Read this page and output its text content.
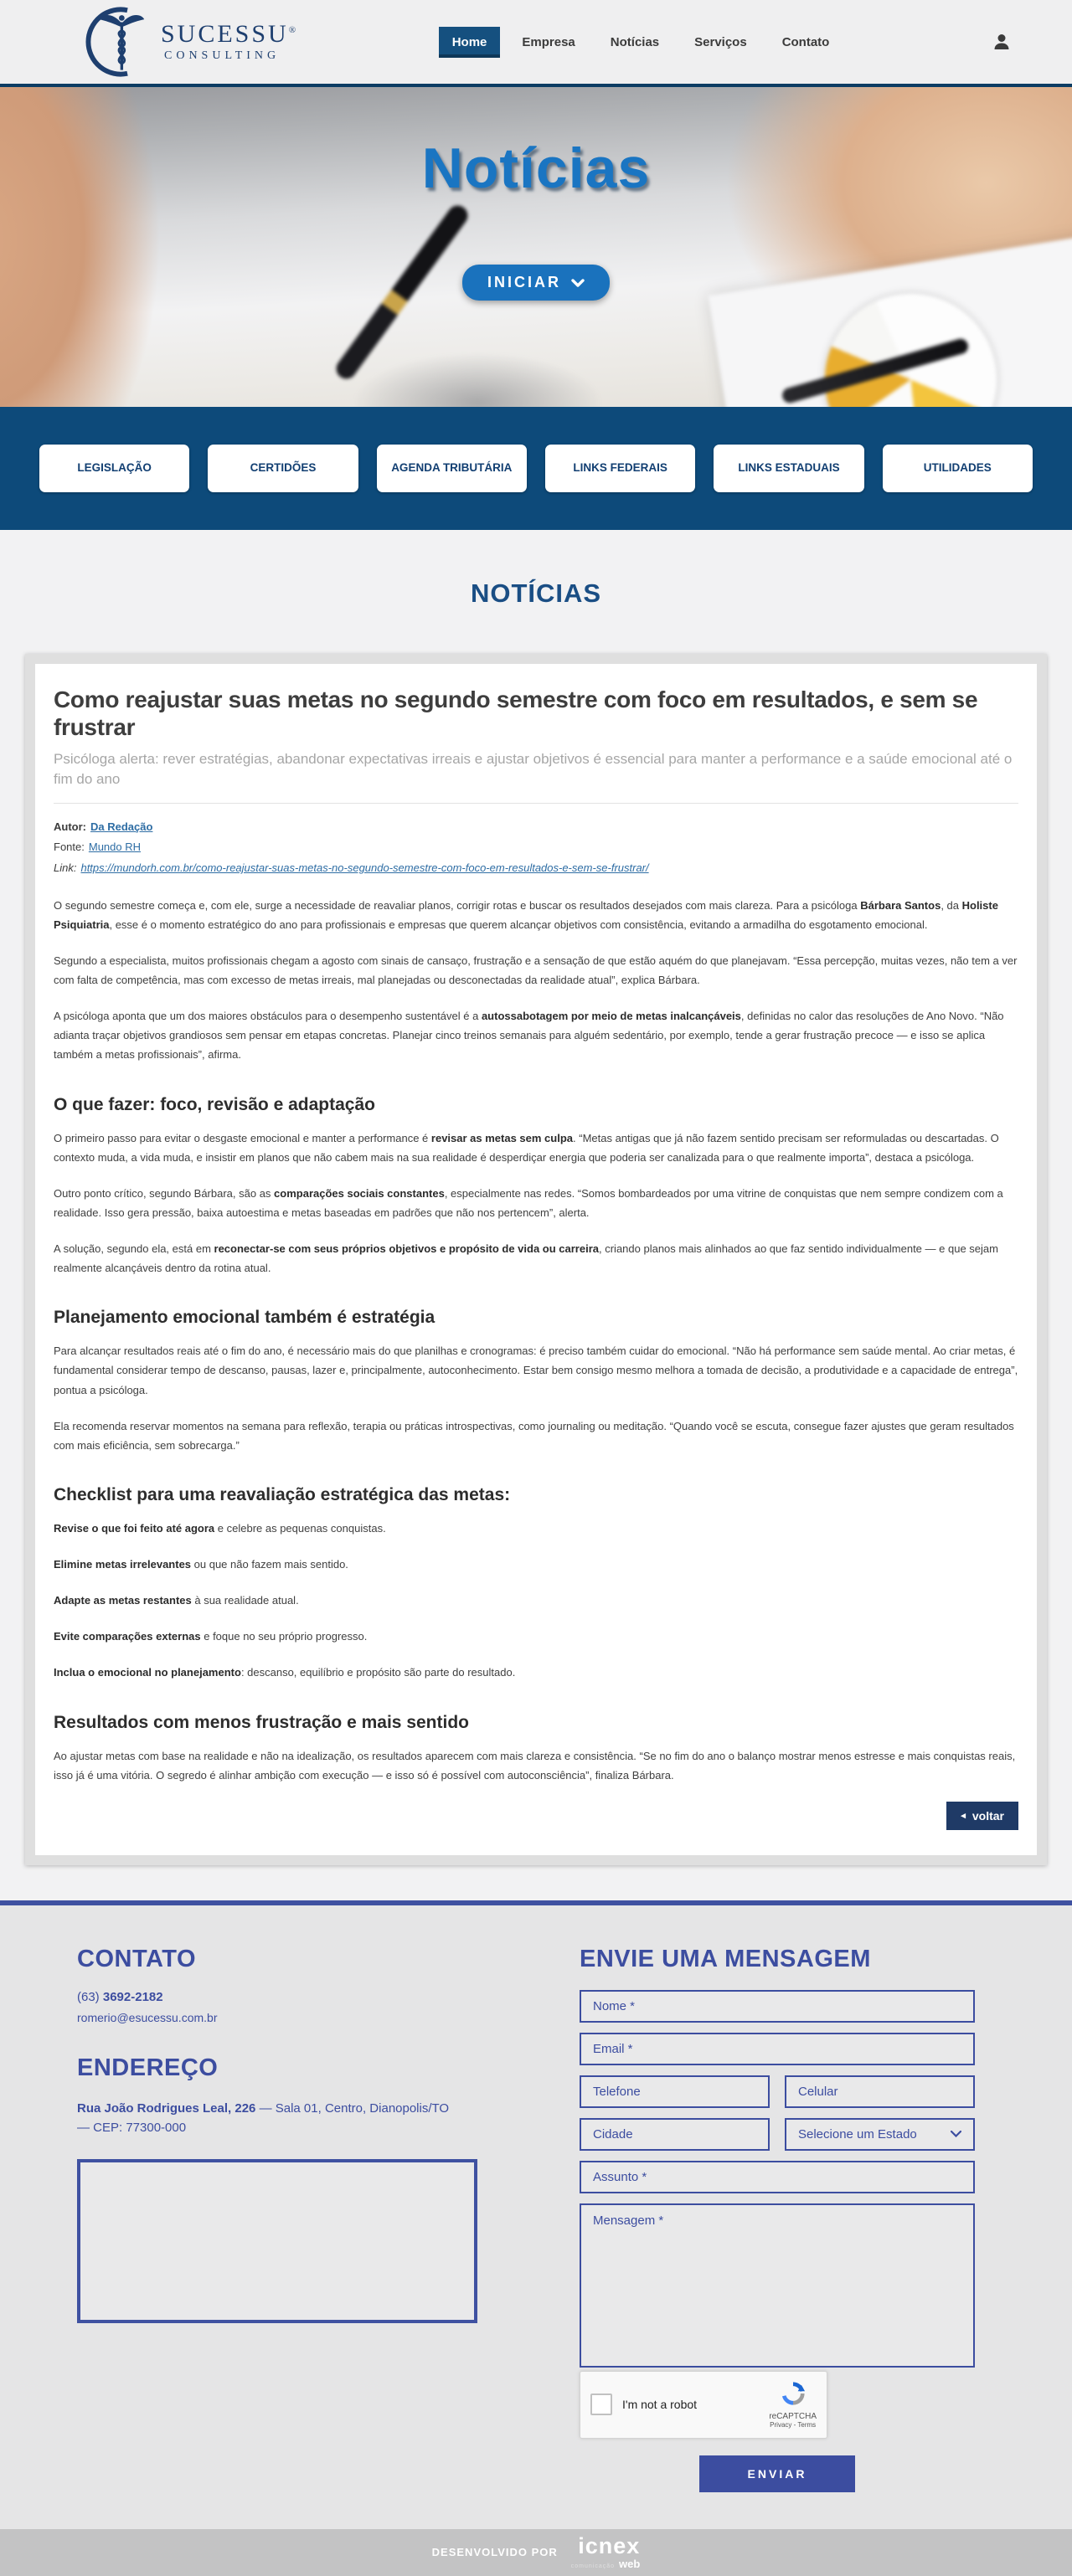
SUCESSU®
CONSULTING
Home	Empresa	Notícias	Serviços	Contato
Notícias
INICIAR
LEGISLAÇÃO	CERTIDÕES	AGENDA TRIBUTÁRIA	LINKS FEDERAIS	LINKS ESTADUAIS	UTILIDADES
NOTÍCIAS
Como reajustar suas metas no segundo semestre com foco em resultados, e sem se frustrar

Psicóloga alerta: rever estratégias, abandonar expectativas irreais e ajustar objetivos é essencial para manter a performance e a saúde emocional até o fim do ano

Autor: Da Redação
Fonte: Mundo RH
Link: https://mundorh.com.br/como-reajustar-suas-metas-no-segundo-semestre-com-foco-em-resultados-e-sem-se-frustrar/

O segundo semestre começa e, com ele, surge a necessidade de reavaliar planos, corrigir rotas e buscar os resultados desejados com mais clareza. Para a psicóloga Bárbara Santos, da Holiste Psiquiatria, esse é o momento estratégico do ano para profissionais e empresas que querem alcançar objetivos com consistência, evitando a armadilha do esgotamento emocional.

Segundo a especialista, muitos profissionais chegam a agosto com sinais de cansaço, frustração e a sensação de que estão aquém do que planejavam. “Essa percepção, muitas vezes, não tem a ver com falta de competência, mas com excesso de metas irreais, mal planejadas ou desconectadas da realidade atual”, explica Bárbara.

A psicóloga aponta que um dos maiores obstáculos para o desempenho sustentável é a autossabotagem por meio de metas inalcançáveis, definidas no calor das resoluções de Ano Novo. “Não adianta traçar objetivos grandiosos sem pensar em etapas concretas. Planejar cinco treinos semanais para alguém sedentário, por exemplo, tende a gerar frustração precoce — e isso se aplica também a metas profissionais”, afirma.

O que fazer: foco, revisão e adaptação

O primeiro passo para evitar o desgaste emocional e manter a performance é revisar as metas sem culpa. “Metas antigas que já não fazem sentido precisam ser reformuladas ou descartadas. O contexto muda, a vida muda, e insistir em planos que não cabem mais na sua realidade é desperdiçar energia que poderia ser canalizada para o que realmente importa”, destaca a psicóloga.

Outro ponto crítico, segundo Bárbara, são as comparações sociais constantes, especialmente nas redes. “Somos bombardeados por uma vitrine de conquistas que nem sempre condizem com a realidade. Isso gera pressão, baixa autoestima e metas baseadas em padrões que não nos pertencem”, alerta.

A solução, segundo ela, está em reconectar-se com seus próprios objetivos e propósito de vida ou carreira, criando planos mais alinhados ao que faz sentido individualmente — e que sejam realmente alcançáveis dentro da rotina atual.

Planejamento emocional também é estratégia

Para alcançar resultados reais até o fim do ano, é necessário mais do que planilhas e cronogramas: é preciso também cuidar do emocional. “Não há performance sem saúde mental. Ao criar metas, é fundamental considerar tempo de descanso, pausas, lazer e, principalmente, autoconhecimento. Estar bem consigo mesmo melhora a tomada de decisão, a produtividade e a capacidade de entrega”, pontua a psicóloga.

Ela recomenda reservar momentos na semana para reflexão, terapia ou práticas introspectivas, como journaling ou meditação. “Quando você se escuta, consegue fazer ajustes que geram resultados com mais eficiência, sem sobrecarga.”

Checklist para uma reavaliação estratégica das metas:

Revise o que foi feito até agora e celebre as pequenas conquistas.

Elimine metas irrelevantes ou que não fazem mais sentido.

Adapte as metas restantes à sua realidade atual.

Evite comparações externas e foque no seu próprio progresso.

Inclua o emocional no planejamento: descanso, equilíbrio e propósito são parte do resultado.

Resultados com menos frustração e mais sentido

Ao ajustar metas com base na realidade e não na idealização, os resultados aparecem com mais clareza e consistência. “Se no fim do ano o balanço mostrar menos estresse e mais conquistas reais, isso já é uma vitória. O segredo é alinhar ambição com execução — e isso só é possível com autoconsciência”, finaliza Bárbara.

◂ voltar
CONTATO

(63) 3692-2182

romerio@esucessu.com.br

ENDEREÇO

Rua João Rodrigues Leal, 226 — Sala 01, Centro, Dianopolis/TO — CEP: 77300-000

ENVIE UMA MENSAGEM
Nome *
Email *
Telefone
Celular
Cidade
Selecione um Estado
Assunto *
Mensagem *
I'm not a robot
reCAPTCHA
Privacy - Terms
ENVIAR
DESENVOLVIDO POR icnex
comunicação web
